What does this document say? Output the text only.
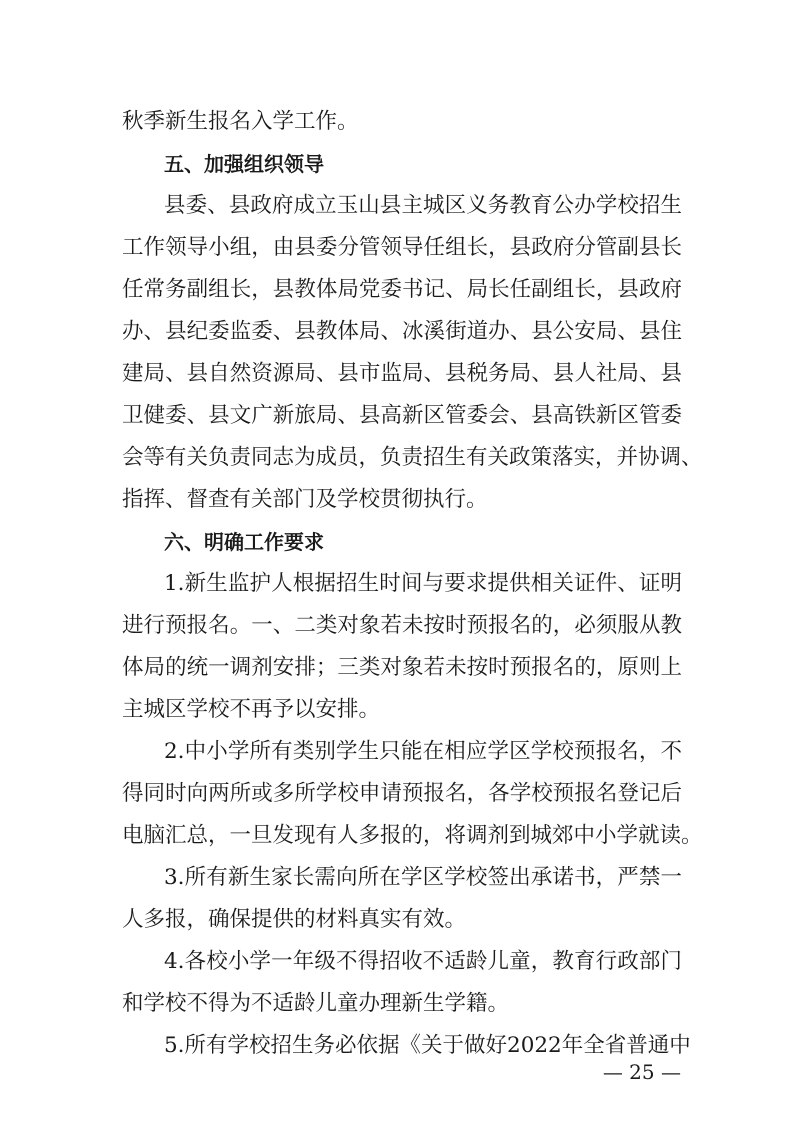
秋季新生报名入学工作。
五、加强组织领导
县委、县政府成立玉山县主城区义务教育公办学校招生
工作领导小组，由县委分管领导任组长，县政府分管副县长
任常务副组长，县教体局党委书记、局长任副组长，县政府
办、县纪委监委、县教体局、冰溪街道办、县公安局、县住
建局、县自然资源局、县市监局、县税务局、县人社局、县
卫健委、县文广新旅局、县高新区管委会、县高铁新区管委
会等有关负责同志为成员，负责招生有关政策落实，并协调、
指挥、督查有关部门及学校贯彻执行。
六、明确工作要求
1.新生监护人根据招生时间与要求提供相关证件、证明
进行预报名。一、二类对象若未按时预报名的，必须服从教
体局的统一调剂安排；三类对象若未按时预报名的，原则上
主城区学校不再予以安排。
2.中小学所有类别学生只能在相应学区学校预报名，不
得同时向两所或多所学校申请预报名，各学校预报名登记后
电脑汇总，一旦发现有人多报的，将调剂到城郊中小学就读。
3.所有新生家长需向所在学区学校签出承诺书，严禁一
人多报，确保提供的材料真实有效。
4.各校小学一年级不得招收不适龄儿童，教育行政部门
和学校不得为不适龄儿童办理新生学籍。
5.所有学校招生务必依据《关于做好2022年全省普通中
— 25 —
